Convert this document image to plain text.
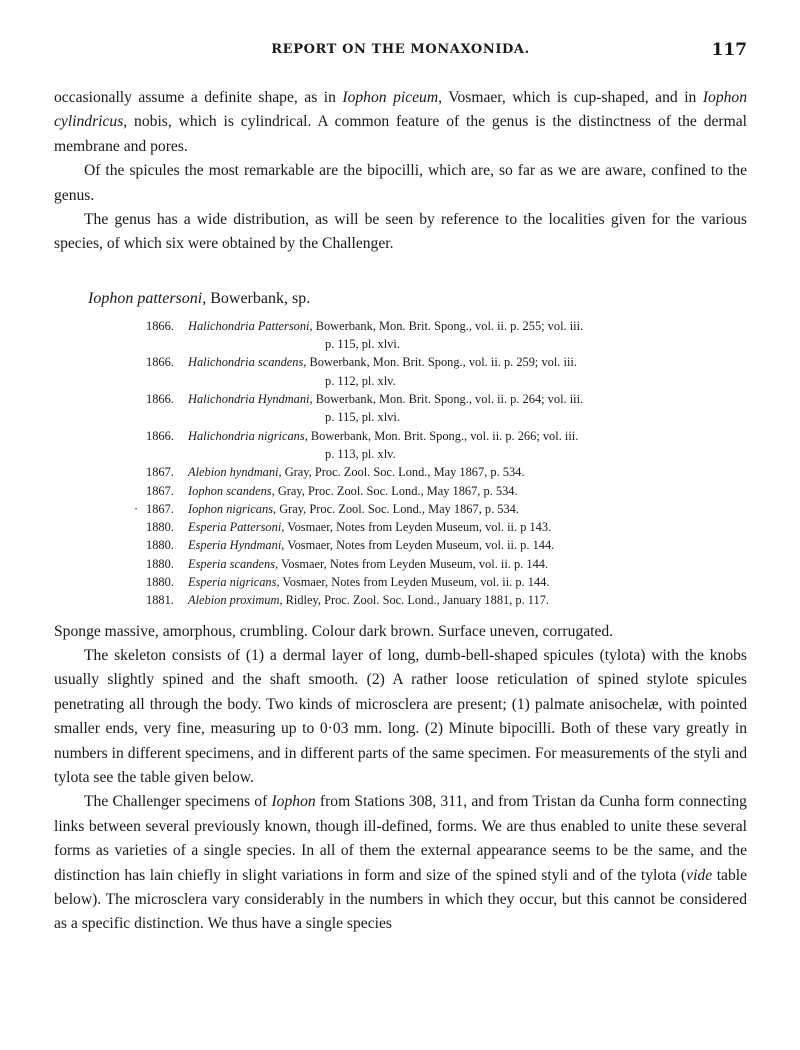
REPORT ON THE MONAXONIDA.	117

occasionally assume a definite shape, as in Iophon piceum, Vosmaer, which is cup-shaped, and in Iophon cylindricus, nobis, which is cylindrical. A common feature of the genus is the distinctness of the dermal membrane and pores.

Of the spicules the most remarkable are the bipocilli, which are, so far as we are aware, confined to the genus.

The genus has a wide distribution, as will be seen by reference to the localities given for the various species, of which six were obtained by the Challenger.

Iophon pattersoni, Bowerbank, sp.
1866.	Halichondria Pattersoni, Bowerbank, Mon. Brit. Spong., vol. ii. p. 255; vol. iii.
p. 115, pl. xlvi.
1866.	Halichondria scandens, Bowerbank, Mon. Brit. Spong., vol. ii. p. 259; vol. iii.
p. 112, pl. xlv.
1866.	Halichondria Hyndmani, Bowerbank, Mon. Brit. Spong., vol. ii. p. 264; vol. iii.
p. 115, pl. xlvi.
1866.	Halichondria nigricans, Bowerbank, Mon. Brit. Spong., vol. ii. p. 266; vol. iii.
p. 113, pl. xlv.
1867.	Alebion hyndmani, Gray, Proc. Zool. Soc. Lond., May 1867, p. 534.
1867.	Iophon scandens, Gray, Proc. Zool. Soc. Lond., May 1867, p. 534.
· 1867.	Iophon nigricans, Gray, Proc. Zool. Soc. Lond., May 1867, p. 534.
1880.	Esperia Pattersoni, Vosmaer, Notes from Leyden Museum, vol. ii. p 143.
1880.	Esperia Hyndmani, Vosmaer, Notes from Leyden Museum, vol. ii. p. 144.
1880.	Esperia scandens, Vosmaer, Notes from Leyden Museum, vol. ii. p. 144.
1880.	Esperia nigricans, Vosmaer, Notes from Leyden Museum, vol. ii. p. 144.
1881.	Alebion proximum, Ridley, Proc. Zool. Soc. Lond., January 1881, p. 117.

Sponge massive, amorphous, crumbling. Colour dark brown. Surface uneven, corrugated.

The skeleton consists of (1) a dermal layer of long, dumb-bell-shaped spicules (tylota) with the knobs usually slightly spined and the shaft smooth. (2) A rather loose reticulation of spined stylote spicules penetrating all through the body. Two kinds of microsclera are present; (1) palmate anisochelæ, with pointed smaller ends, very fine, measuring up to 0·03 mm. long. (2) Minute bipocilli. Both of these vary greatly in numbers in different specimens, and in different parts of the same specimen. For measurements of the styli and tylota see the table given below.

The Challenger specimens of Iophon from Stations 308, 311, and from Tristan da Cunha form connecting links between several previously known, though ill-defined, forms. We are thus enabled to unite these several forms as varieties of a single species. In all of them the external appearance seems to be the same, and the distinction has lain chiefly in slight variations in form and size of the spined styli and of the tylota (vide table below). The microsclera vary considerably in the numbers in which they occur, but this cannot be considered as a specific distinction. We thus have a single species
